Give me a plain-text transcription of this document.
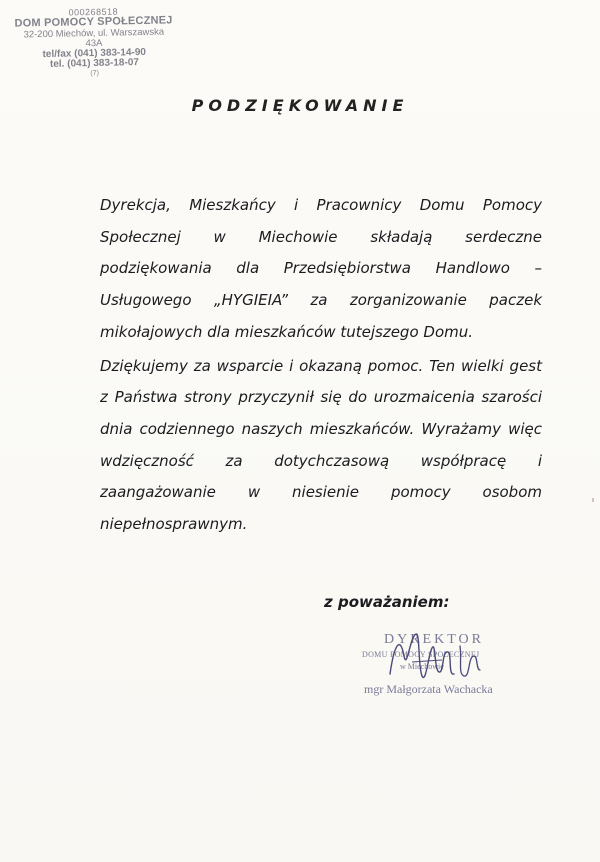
000268518
DOM POMOCY SPOŁECZNEJ
32-200 Miechów, ul. Warszawska 43A
tel/fax (041) 383-14-90
tel. (041) 383-18-07
(7)
PODZIĘKOWANIE

Dyrekcja, Mieszkańcy i Pracownicy Domu Pomocy Społecznej w Miechowie składają serdeczne podziękowania dla Przedsiębiorstwa Handlowo – Usługowego „HYGIEIA” za zorganizowanie paczek mikołajowych dla mieszkańców tutejszego Domu.

Dziękujemy za wsparcie i okazaną pomoc. Ten wielki gest z Państwa strony przyczynił się do urozmaicenia szarości dnia codziennego naszych mieszkańców. Wyrażamy więc wdzięczność za dotychczasową współpracę i zaangażowanie w niesienie pomocy osobom niepełnosprawnym.

z poważaniem:
DYREKTOR
DOMU POMOCY SPOŁECZNEJ
w Miechowie
mgr Małgorzata Wachacka
